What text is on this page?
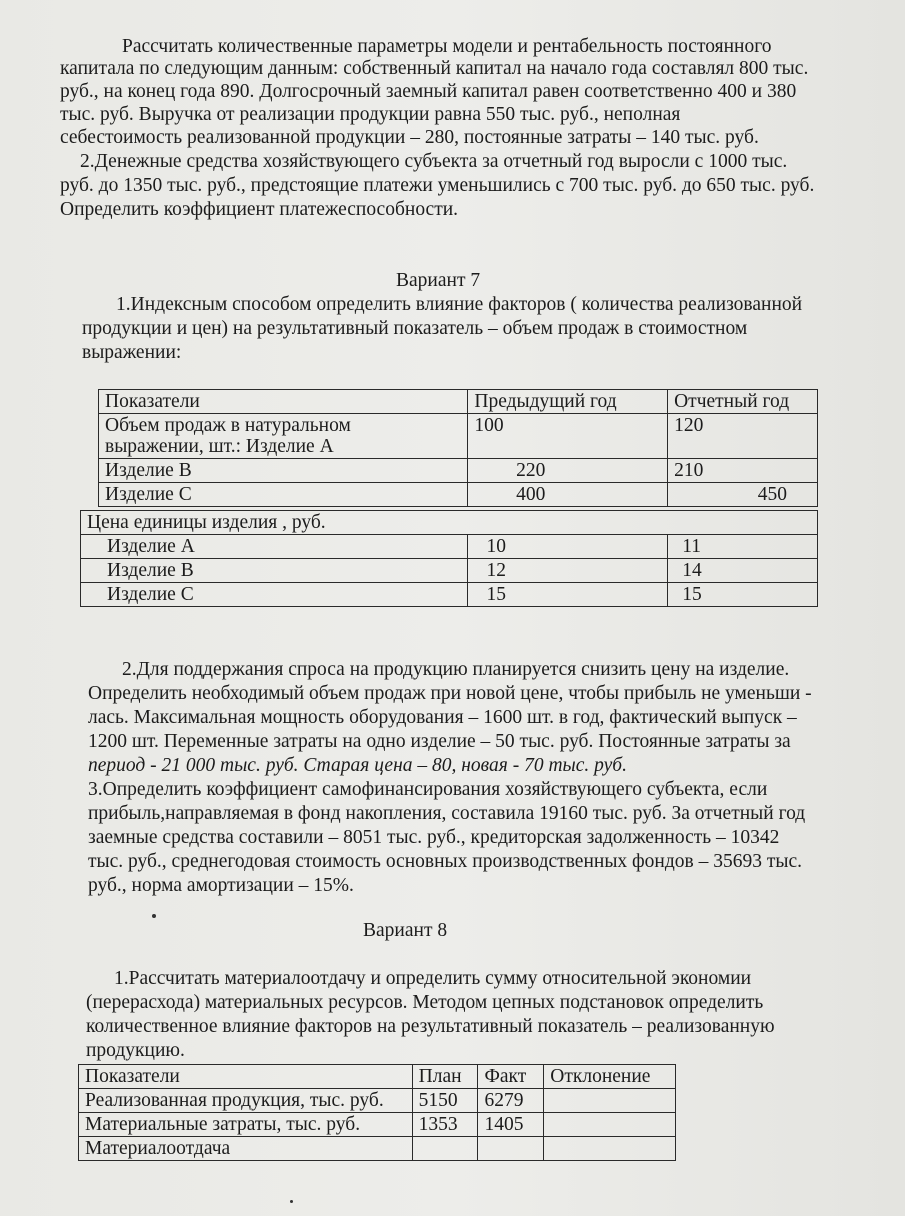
Рассчитать количественные параметры модели и рентабельность постоянного
капитала по следующим данным: собственный капитал на начало года составлял 800 тыс.
руб., на конец года 890. Долгосрочный заемный капитал равен соответственно 400 и 380
тыс. руб. Выручка от реализации продукции равна 550 тыс. руб., неполная
себестоимость реализованной продукции – 280, постоянные затраты – 140 тыс. руб.
2.Денежные средства хозяйствующего субъекта за отчетный год выросли с 1000 тыс.
руб. до 1350 тыс. руб., предстоящие платежи уменьшились с 700 тыс. руб. до 650 тыс. руб.
Определить коэффициент платежеспособности.
Вариант 7
1.Индексным способом определить влияние факторов ( количества реализованной
продукции и цен) на результативный показатель – объем продаж в стоимостном
выражении:
Показатели	Предыдущий год	Отчетный год

Объем продаж в натуральном
выражении, шт.: Изделие А	100	120
Изделие В	220	210
Изделие С	400	450
Цена единицы изделия , руб.		
Изделие А	10	11
Изделие В	12	14
Изделие С	15	15
2.Для поддержания спроса на продукцию планируется снизить цену на изделие.
Определить необходимый объем продаж при новой цене, чтобы прибыль не уменьши -
лась. Максимальная мощность оборудования – 1600 шт. в год, фактический выпуск –
1200 шт. Переменные затраты на одно изделие – 50 тыс. руб. Постоянные затраты за
период - 21 000 тыс. руб. Старая цена – 80, новая - 70 тыс. руб.
3.Определить коэффициент самофинансирования хозяйствующего субъекта, если
прибыль,направляемая в фонд накопления, составила 19160 тыс. руб. За отчетный год
заемные средства составили – 8051 тыс. руб., кредиторская задолженность – 10342
тыс. руб., среднегодовая стоимость основных производственных фондов – 35693 тыс.
руб., норма амортизации – 15%.
Вариант 8
1.Рассчитать материалоотдачу и определить сумму относительной экономии
(перерасхода) материальных ресурсов. Методом цепных подстановок определить
количественное влияние факторов на результативный показатель – реализованную
продукцию.
Показатели	План	Факт	Отклонение
Реализованная продукция, тыс. руб.	5150	6279	
Материальные затраты, тыс. руб.	1353	1405	
Материалоотдача			
